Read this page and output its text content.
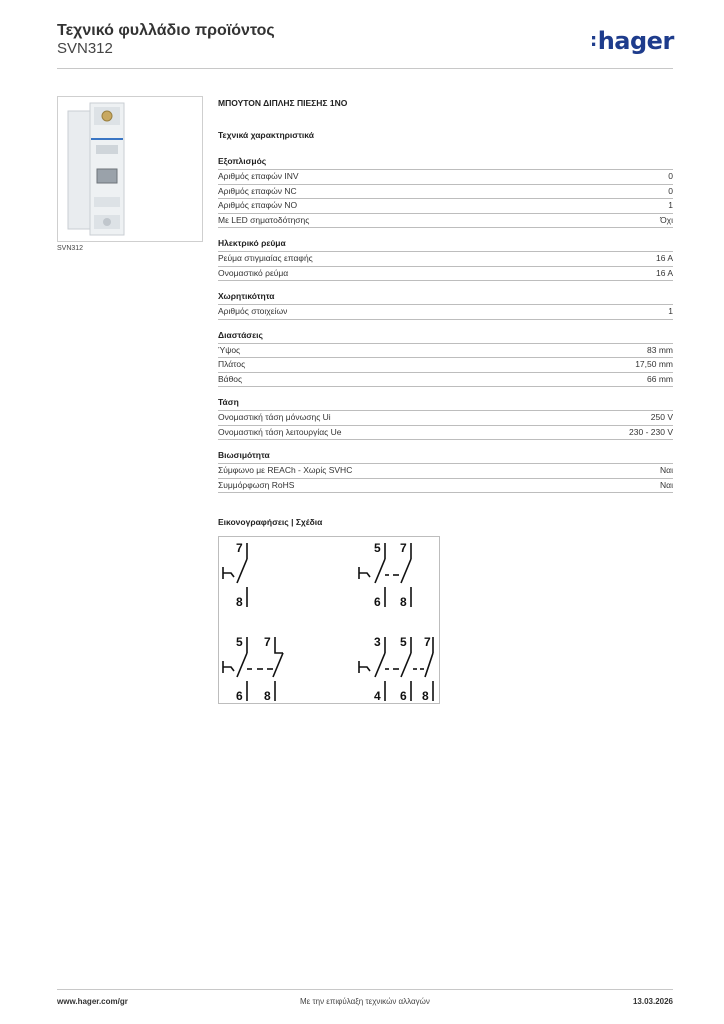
Τεχνικό φυλλάδιο προϊόντος
SVN312	:hager
SVN312
ΜΠΟΥΤΟΝ ΔΙΠΛΗΣ ΠΙΕΣΗΣ 1NO
Τεχνικά χαρακτηριστικά
Εξοπλισμός
Αριθμός επαφών INV	0
Αριθμός επαφών NC	0
Αριθμός επαφών NO	1
Με LED σηματοδότησης	Όχι
Ηλεκτρικό ρεύμα
Ρεύμα στιγμιαίας επαφής	16 A
Ονομαστικό ρεύμα	16 A
Χωρητικότητα
Αριθμός στοιχείων	1
Διαστάσεις
Ύψος	83 mm
Πλάτος	17,50 mm
Βάθος	66 mm
Τάση
Ονομαστική τάση μόνωσης Ui	250 V
Ονομαστική τάση λειτουργίας Ue	230 - 230 V
Βιωσιμότητα
Σύμφωνο με REACh - Χωρίς SVHC	Ναι
Συμμόρφωση RoHS	Ναι
Εικονογραφήσεις | Σχέδια
7
8
5 7
6 8
5 7
6 8
3 5 7
4 6 8
www.hager.com/gr	Με την επιφύλαξη τεχνικών αλλαγών	13.03.2026
